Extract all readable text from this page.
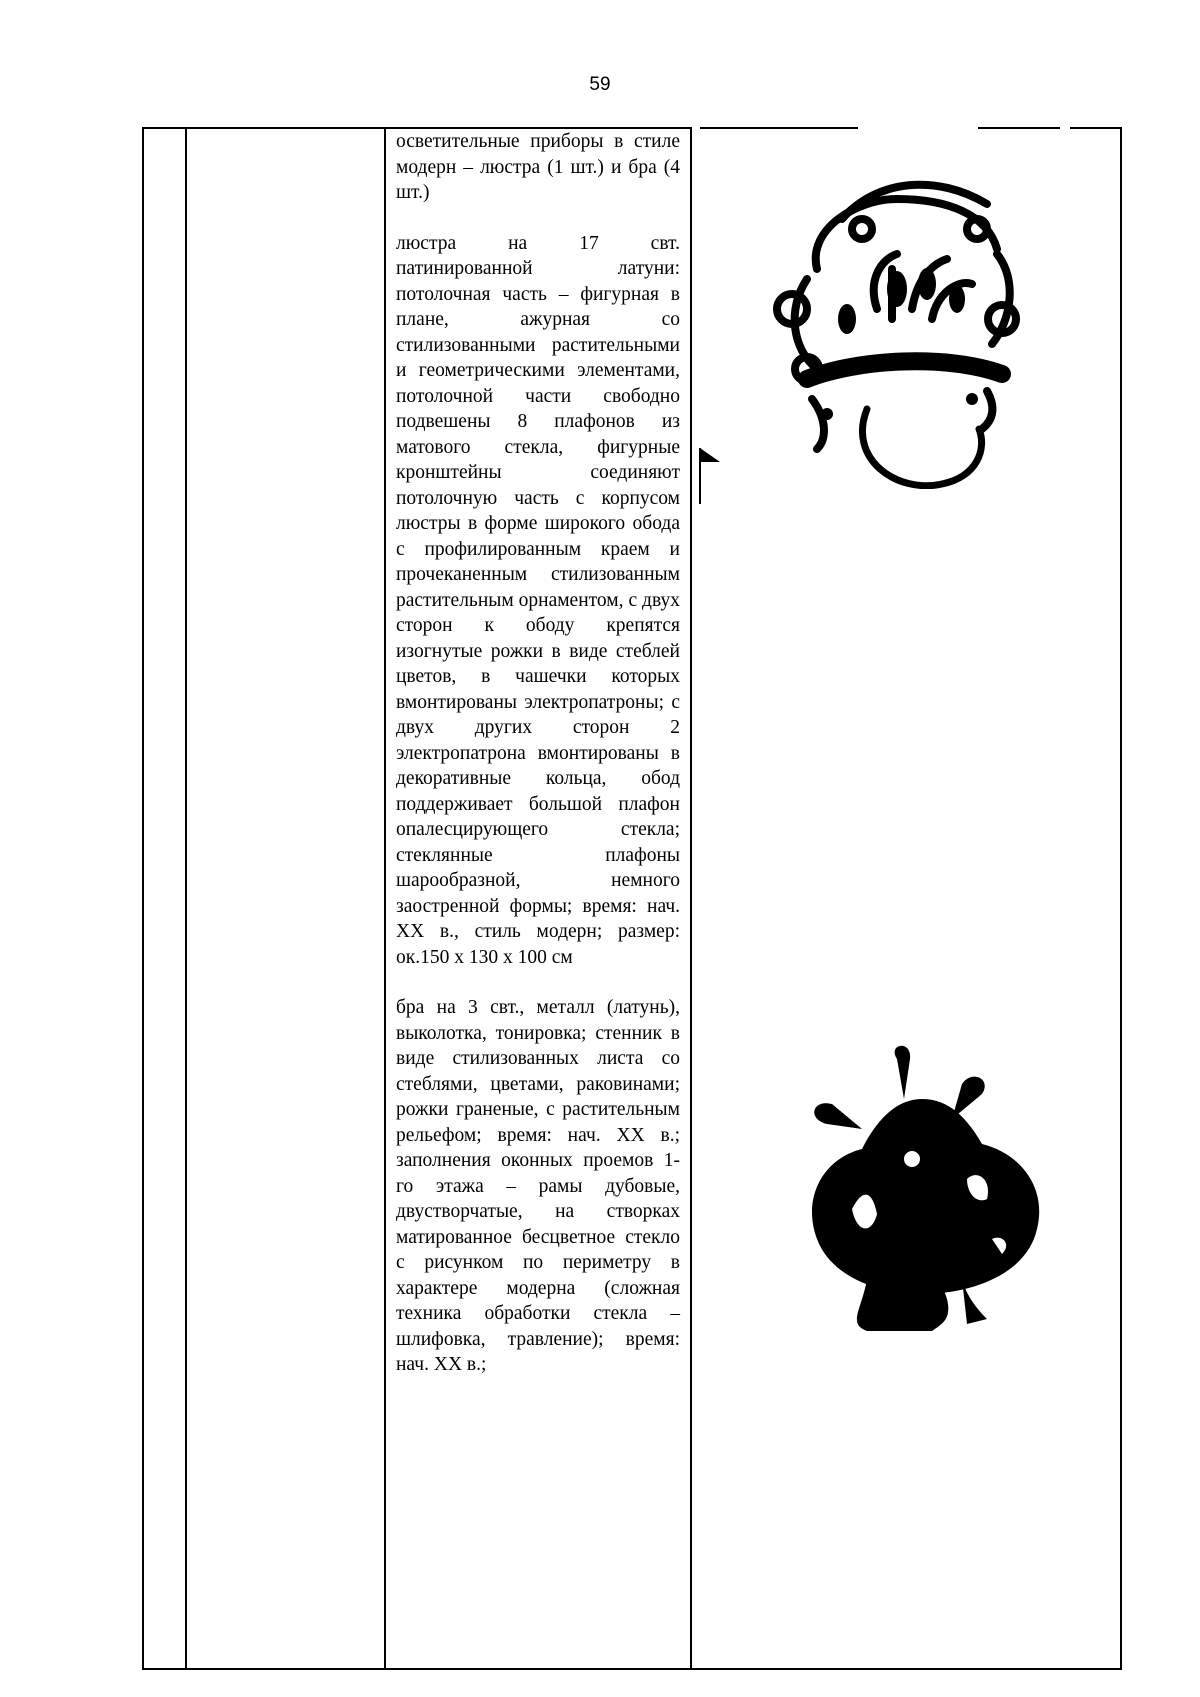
59

осветительные приборы в стиле модерн – люстра (1 шт.) и бра (4 шт.)

люстра на 17 свт. патинированной латуни: потолочная часть – фигурная в плане, ажурная со стилизованными растительными и геометрическими элементами, потолочной части свободно подвешены 8 плафонов из матового стекла, фигурные кронштейны соединяют потолочную часть с корпусом люстры в форме широкого обода с профилированным краем и прочеканенным стилизованным растительным орнаментом, с двух сторон к ободу крепятся изогнутые рожки в виде стеблей цветов, в чашечки которых вмонтированы электропатроны; с двух других сторон 2 электропатрона вмонтированы в декоративные кольца, обод поддерживает большой плафон опалесцирующего стекла; стеклянные плафоны шарообразной, немного заостренной формы; время: нач. XX в., стиль модерн; размер: ок.150 х 130 х 100 см

бра на 3 свт., металл (латунь), выколотка, тонировка; стенник в виде стилизованных листа со стеблями, цветами, раковинами; рожки граненые, с растительным рельефом; время: нач. XX в.; заполнения оконных проемов 1-го этажа – рамы дубовые, двустворчатые, на створках матированное бесцветное стекло с рисунком по периметру в характере модерна (сложная техника обработки стекла – шлифовка, травление); время: нач. XX в.;
